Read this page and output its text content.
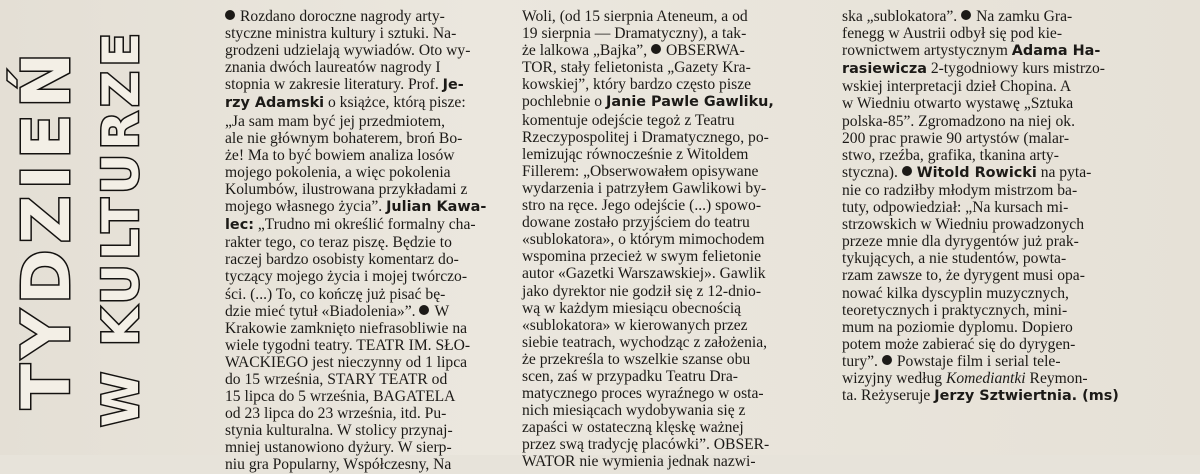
TYDZIEŃ W KULTURZE
Rozdano doroczne nagrody arty-
styczne ministra kultury i sztuki. Na-
grodzeni udzielają wywiadów. Oto wy-
znania dwóch laureatów nagrody I
stopnia w zakresie literatury. Prof. Je-
rzy Adamski o książce, którą pisze:
„Ja sam mam być jej przedmiotem,
ale nie głównym bohaterem, broń Bo-
że! Ma to być bowiem analiza losów
mojego pokolenia, a więc pokolenia
Kolumbów, ilustrowana przykładami z
mojego własnego życia”. Julian Kawa-
lec: „Trudno mi określić formalny cha-
rakter tego, co teraz piszę. Będzie to
raczej bardzo osobisty komentarz do-
tyczący mojego życia i mojej twórczo-
ści. (...) To, co kończę już pisać bę-
dzie mieć tytuł «Biadolenia»”. W
Krakowie zamknięto niefrasobliwie na
wiele tygodni teatry. TEATR IM. SŁO-
WACKIEGO jest nieczynny od 1 lipca
do 15 września, STARY TEATR od
15 lipca do 5 września, BAGATELA
od 23 lipca do 23 września, itd. Pu-
stynia kulturalna. W stolicy przynaj-
mniej ustanowiono dyżury. W sierp-
niu gra Popularny, Współczesny, Na
Woli, (od 15 sierpnia Ateneum, a od
19 sierpnia — Dramatyczny), a tak-
że lalkowa „Bajka”, OBSERWA-
TOR, stały felietonista „Gazety Kra-
kowskiej”, który bardzo często pisze
pochlebnie o Janie Pawle Gawliku,
komentuje odejście tegoż z Teatru
Rzeczypospolitej i Dramatycznego, po-
lemizując równocześnie z Witoldem
Fillerem: „Obserwowałem opisywane
wydarzenia i patrzyłem Gawlikowi by-
stro na ręce. Jego odejście (...) spowo-
dowane zostało przyjściem do teatru
«sublokatora», o którym mimochodem
wspomina przecież w swym felietonie
autor «Gazetki Warszawskiej». Gawlik
jako dyrektor nie godził się z 12-dnio-
wą w każdym miesiącu obecnością
«sublokatora» w kierowanych przez
siebie teatrach, wychodząc z założenia,
że przekreśla to wszelkie szanse obu
scen, zaś w przypadku Teatru Dra-
matycznego proces wyraźnego w osta-
nich miesiącach wydobywania się z
zapaści w ostateczną klęskę ważnej
przez swą tradycję placówki”. OBSER-
WATOR nie wymienia jednak nazwi-
ska „sublokatora”. Na zamku Gra-
fenegg w Austrii odbył się pod kie-
rownictwem artystycznym Adama Ha-
rasiewicza 2-tygodniowy kurs mistrzo-
wskiej interpretacji dzieł Chopina. A
w Wiedniu otwarto wystawę „Sztuka
polska-85”. Zgromadzono na niej ok.
200 prac prawie 90 artystów (malar-
stwo, rzeźba, grafika, tkanina arty-
styczna). Witold Rowicki na pyta-
nie co radziłby młodym mistrzom ba-
tuty, odpowiedział: „Na kursach mi-
strzowskich w Wiedniu prowadzonych
przeze mnie dla dyrygentów już prak-
tykujących, a nie studentów, powta-
rzam zawsze to, że dyrygent musi opa-
nować kilka dyscyplin muzycznych,
teoretycznych i praktycznych, mini-
mum na poziomie dyplomu. Dopiero
potem może zabierać się do dyrygen-
tury”. Powstaje film i serial tele-
wizyjny według Komediantki Reymon-
ta. Reżyseruje Jerzy Sztwiertnia. (ms)
